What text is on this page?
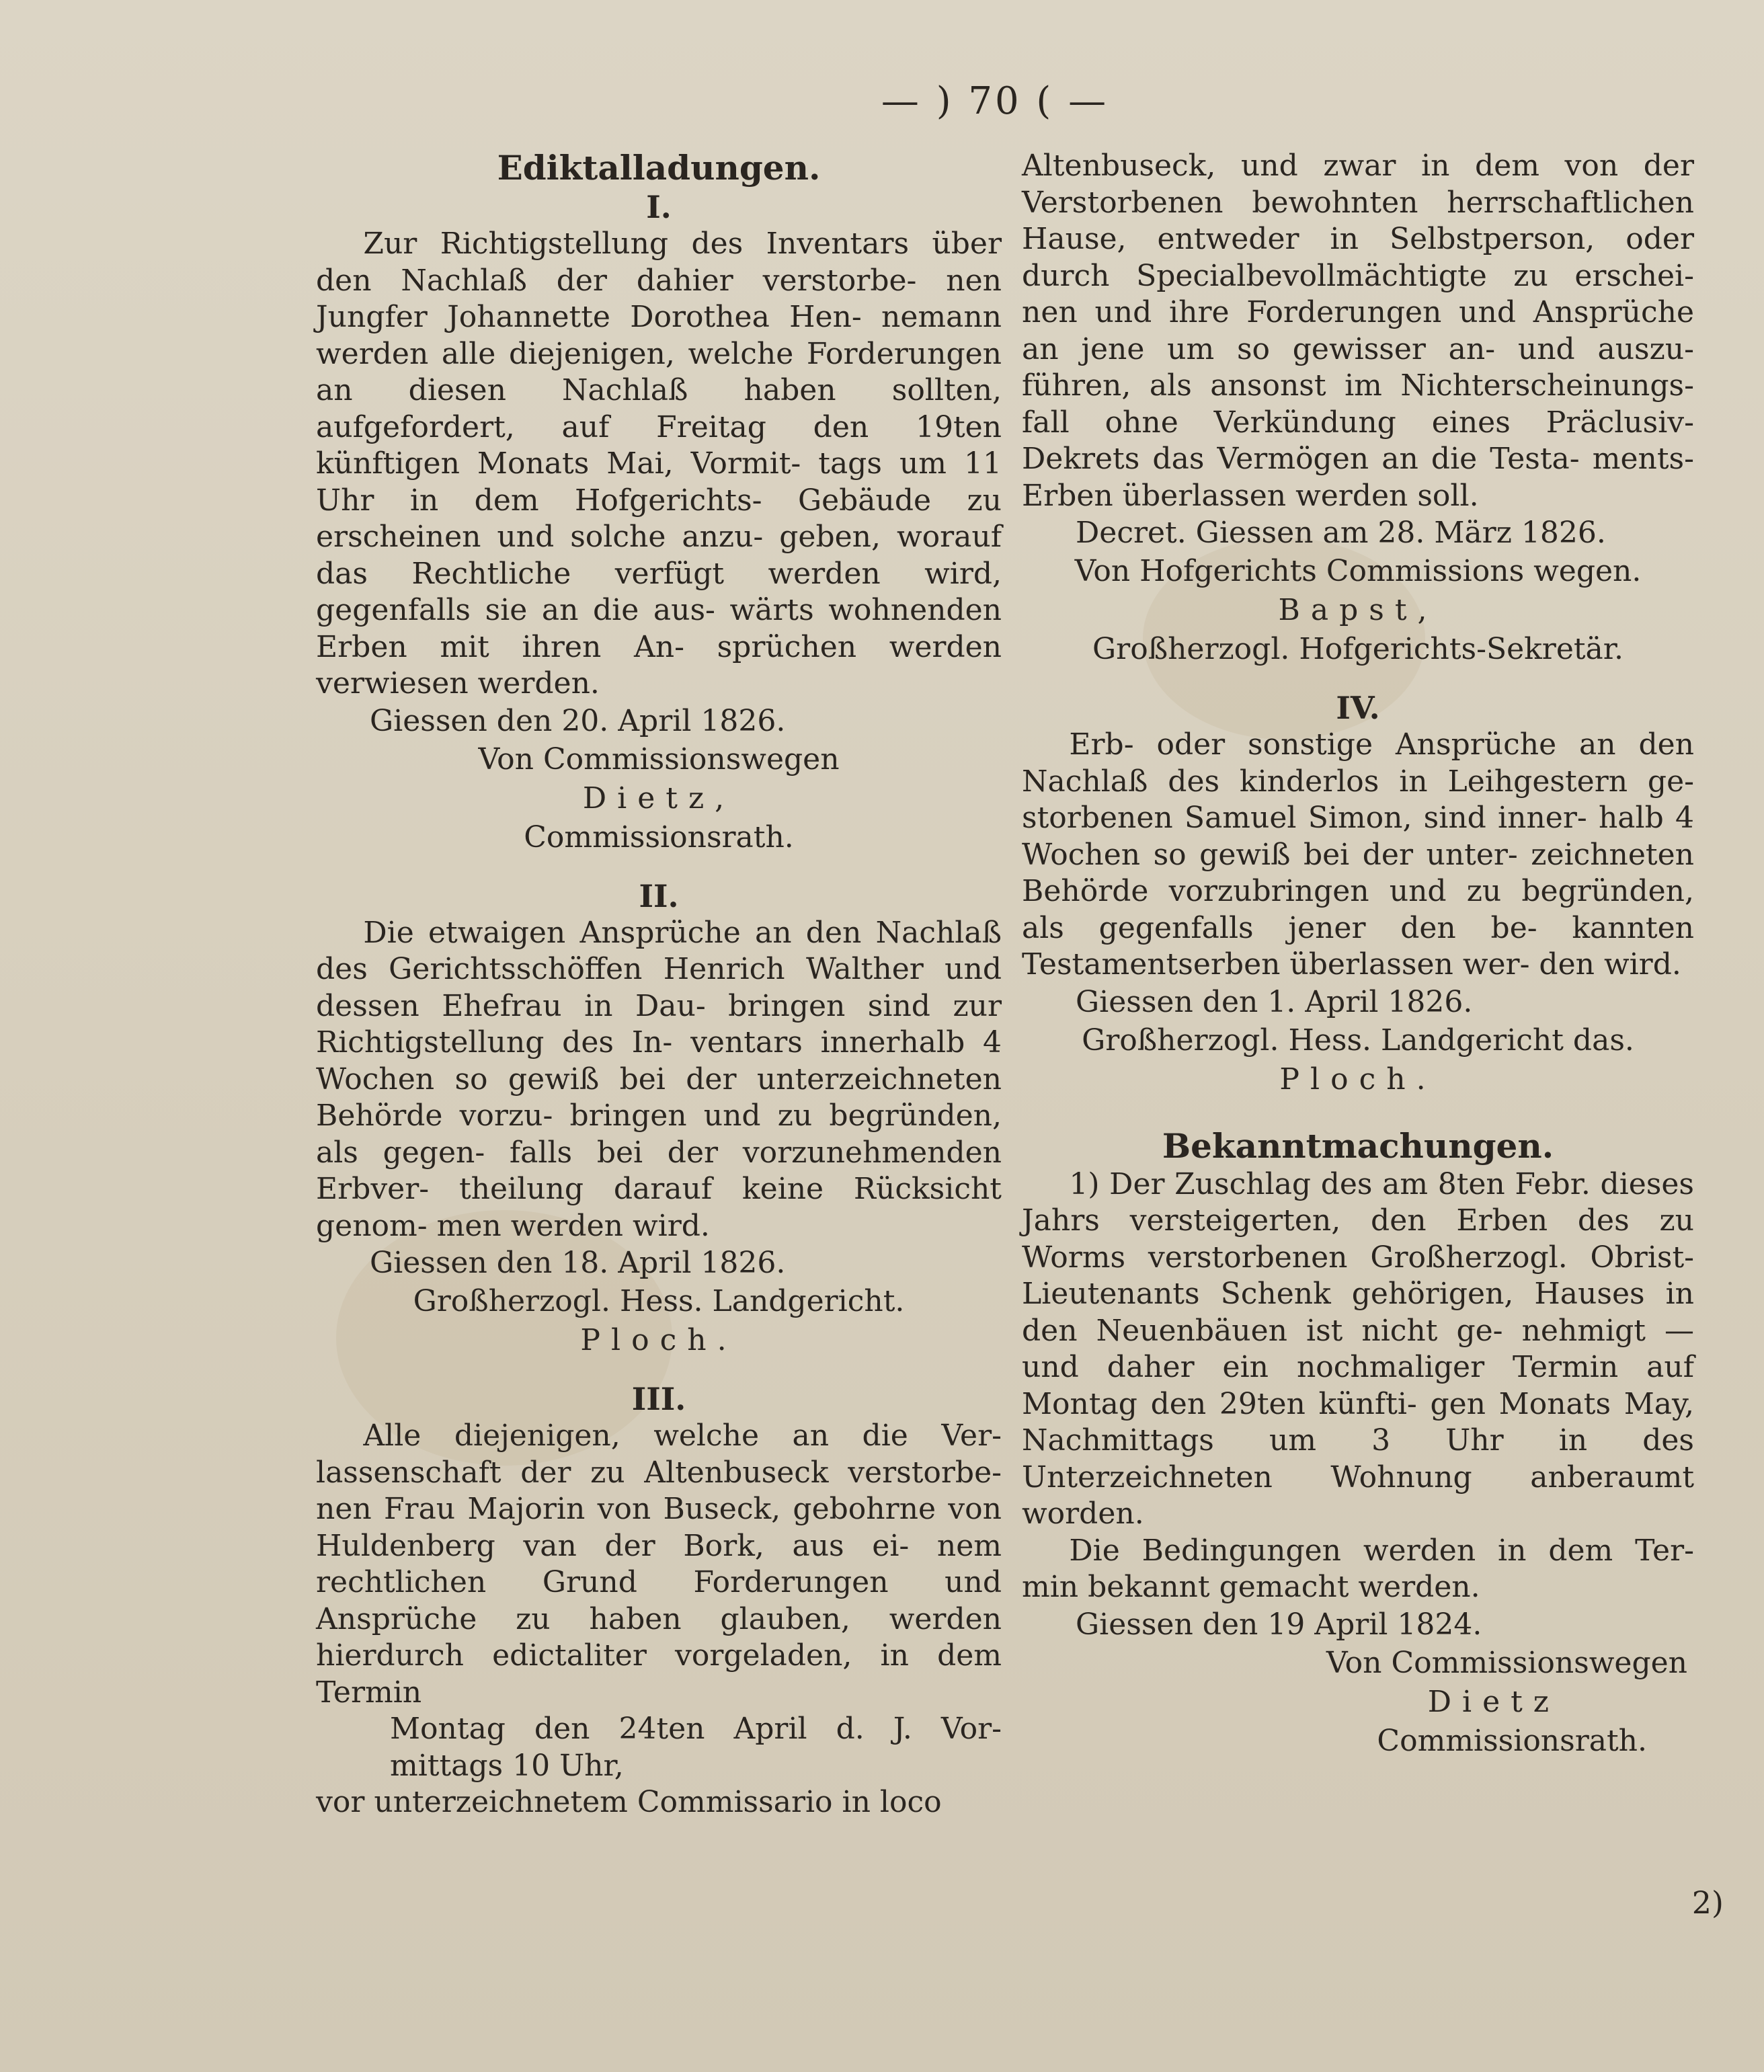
— ) 70 ( —

Ediktalladungen.

I.

Zur Richtigstellung des Inventars über den Nachlaß der dahier verstorbe- nen Jungfer Johannette Dorothea Hen- nemann werden alle diejenigen, welche Forderungen an diesen Nachlaß haben sollten, aufgefordert, auf Freitag den 19ten künftigen Monats Mai, Vormit- tags um 11 Uhr in dem Hofgerichts- Gebäude zu erscheinen und solche anzu- geben, worauf das Rechtliche verfügt werden wird, gegenfalls sie an die aus- wärts wohnenden Erben mit ihren An- sprüchen werden verwiesen werden.

Giessen den 20. April 1826.

Von Commissionswegen

Dietz,

Commissionsrath.

II.

Die etwaigen Ansprüche an den Nachlaß des Gerichtsschöffen Henrich Walther und dessen Ehefrau in Dau- bringen sind zur Richtigstellung des In- ventars innerhalb 4 Wochen so gewiß bei der unterzeichneten Behörde vorzu- bringen und zu begründen, als gegen- falls bei der vorzunehmenden Erbver- theilung darauf keine Rücksicht genom- men werden wird.

Giessen den 18. April 1826.

Großherzogl. Hess. Landgericht.

Ploch.

III.

Alle diejenigen, welche an die Ver- lassenschaft der zu Altenbuseck verstorbe- nen Frau Majorin von Buseck, gebohrne von Huldenberg van der Bork, aus ei- nem rechtlichen Grund Forderungen und Ansprüche zu haben glauben, werden hierdurch edictaliter vorgeladen, in dem Termin

Montag den 24ten April d. J. Vor- mittags 10 Uhr,

vor unterzeichnetem Commissario in loco

Altenbuseck, und zwar in dem von der Verstorbenen bewohnten herrschaftlichen Hause, entweder in Selbstperson, oder durch Specialbevollmächtigte zu erschei- nen und ihre Forderungen und Ansprüche an jene um so gewisser an- und auszu- führen, als ansonst im Nichterscheinungs- fall ohne Verkündung eines Präclusiv- Dekrets das Vermögen an die Testa- ments-Erben überlassen werden soll.

Decret. Giessen am 28. März 1826.

Von Hofgerichts Commissions wegen.

Bapst,

Großherzogl. Hofgerichts-Sekretär.

IV.

Erb- oder sonstige Ansprüche an den Nachlaß des kinderlos in Leihgestern ge- storbenen Samuel Simon, sind inner- halb 4 Wochen so gewiß bei der unter- zeichneten Behörde vorzubringen und zu begründen, als gegenfalls jener den be- kannten Testamentserben überlassen wer- den wird.

Giessen den 1. April 1826.

Großherzogl. Hess. Landgericht das.

Ploch.

Bekanntmachungen.

1) Der Zuschlag des am 8ten Febr. dieses Jahrs versteigerten, den Erben des zu Worms verstorbenen Großherzogl. Obrist-Lieutenants Schenk gehörigen, Hauses in den Neuenbäuen ist nicht ge- nehmigt — und daher ein nochmaliger Termin auf Montag den 29ten künfti- gen Monats May, Nachmittags um 3 Uhr in des Unterzeichneten Wohnung anberaumt worden.

Die Bedingungen werden in dem Ter- min bekannt gemacht werden.

Giessen den 19 April 1824.

Von Commissionswegen

Dietz

Commissionsrath.

2)
